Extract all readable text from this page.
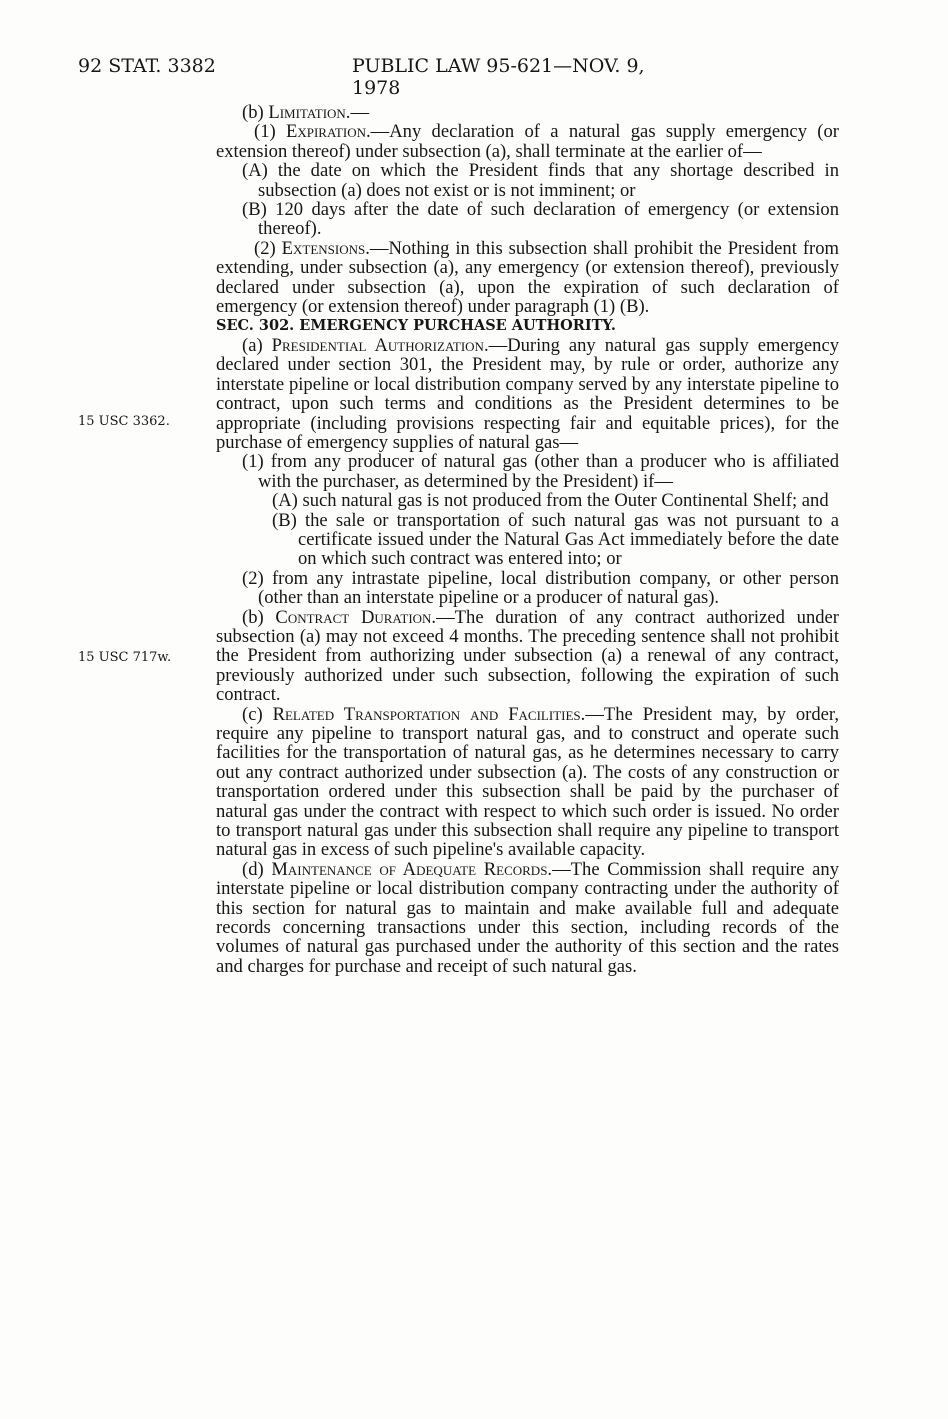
92 STAT. 3382	PUBLIC LAW 95-621—NOV. 9, 1978
15 USC 3362.
15 USC 717w.

(b) Limitation.—

(1) Expiration.—Any declaration of a natural gas supply emergency (or extension thereof) under subsection (a), shall terminate at the earlier of—

(A) the date on which the President finds that any shortage described in subsection (a) does not exist or is not imminent; or

(B) 120 days after the date of such declaration of emergency (or extension thereof).

(2) Extensions.—Nothing in this subsection shall prohibit the President from extending, under subsection (a), any emergency (or extension thereof), previously declared under subsection (a), upon the expiration of such declaration of emergency (or extension thereof) under paragraph (1) (B).

SEC. 302. EMERGENCY PURCHASE AUTHORITY.

(a) Presidential Authorization.—During any natural gas supply emergency declared under section 301, the President may, by rule or order, authorize any interstate pipeline or local distribution company served by any interstate pipeline to contract, upon such terms and conditions as the President determines to be appropriate (including provisions respecting fair and equitable prices), for the purchase of emergency supplies of natural gas—

(1) from any producer of natural gas (other than a producer who is affiliated with the purchaser, as determined by the President) if—

(A) such natural gas is not produced from the Outer Continental Shelf; and

(B) the sale or transportation of such natural gas was not pursuant to a certificate issued under the Natural Gas Act immediately before the date on which such contract was entered into; or

(2) from any intrastate pipeline, local distribution company, or other person (other than an interstate pipeline or a producer of natural gas).

(b) Contract Duration.—The duration of any contract authorized under subsection (a) may not exceed 4 months. The preceding sentence shall not prohibit the President from authorizing under subsection (a) a renewal of any contract, previously authorized under such subsection, following the expiration of such contract.

(c) Related Transportation and Facilities.—The President may, by order, require any pipeline to transport natural gas, and to construct and operate such facilities for the transportation of natural gas, as he determines necessary to carry out any contract authorized under subsection (a). The costs of any construction or transportation ordered under this subsection shall be paid by the purchaser of natural gas under the contract with respect to which such order is issued. No order to transport natural gas under this subsection shall require any pipeline to transport natural gas in excess of such pipeline's available capacity.

(d) Maintenance of Adequate Records.—The Commission shall require any interstate pipeline or local distribution company contracting under the authority of this section for natural gas to maintain and make available full and adequate records concerning transactions under this section, including records of the volumes of natural gas purchased under the authority of this section and the rates and charges for purchase and receipt of such natural gas.
